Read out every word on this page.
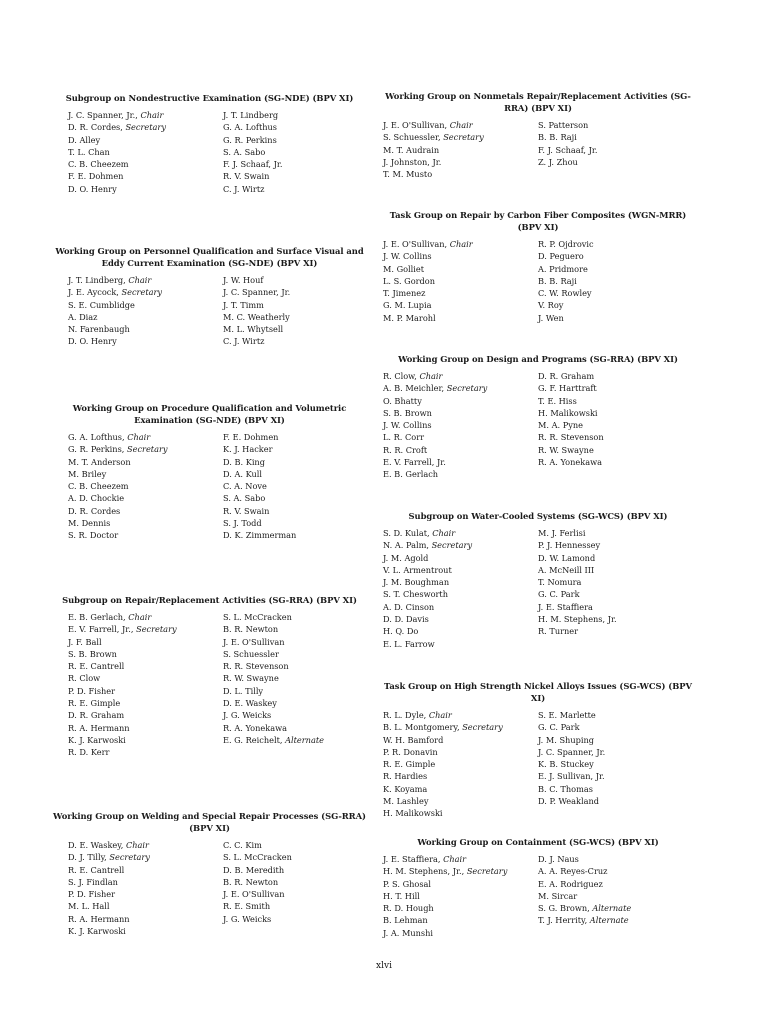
Subgroup on Nondestructive Examination (SG-NDE) (BPV XI)
J. C. Spanner, Jr., Chair
D. R. Cordes, Secretary
D. Alley
T. L. Chan
C. B. Cheezem
F. E. Dohmen
D. O. Henry
J. T. Lindberg
G. A. Lofthus
G. R. Perkins
S. A. Sabo
F. J. Schaaf, Jr.
R. V. Swain
C. J. Wirtz
Working Group on Personnel Qualification and Surface Visual and Eddy Current Examination (SG-NDE) (BPV XI)
J. T. Lindberg, Chair
J. E. Aycock, Secretary
S. E. Cumblidge
A. Diaz
N. Farenbaugh
D. O. Henry
J. W. Houf
J. C. Spanner, Jr.
J. T. Timm
M. C. Weatherly
M. L. Whytsell
C. J. Wirtz
Working Group on Procedure Qualification and Volumetric Examination (SG-NDE) (BPV XI)
G. A. Lofthus, Chair
G. R. Perkins, Secretary
M. T. Anderson
M. Briley
C. B. Cheezem
A. D. Chockie
D. R. Cordes
M. Dennis
S. R. Doctor
F. E. Dohmen
K. J. Hacker
D. B. King
D. A. Kull
C. A. Nove
S. A. Sabo
R. V. Swain
S. J. Todd
D. K. Zimmerman
Subgroup on Repair/Replacement Activities (SG-RRA) (BPV XI)
E. B. Gerlach, Chair
E. V. Farrell, Jr., Secretary
J. F. Ball
S. B. Brown
R. E. Cantrell
R. Clow
P. D. Fisher
R. E. Gimple
D. R. Graham
R. A. Hermann
K. J. Karwoski
R. D. Kerr
S. L. McCracken
B. R. Newton
J. E. O'Sullivan
S. Schuessler
R. R. Stevenson
R. W. Swayne
D. L. Tilly
D. E. Waskey
J. G. Weicks
R. A. Yonekawa
E. G. Reichelt, Alternate
Working Group on Welding and Special Repair Processes (SG-RRA) (BPV XI)
D. E. Waskey, Chair
D. J. Tilly, Secretary
R. E. Cantrell
S. J. Findlan
P. D. Fisher
M. L. Hall
R. A. Hermann
K. J. Karwoski
C. C. Kim
S. L. McCracken
D. B. Meredith
B. R. Newton
J. E. O'Sullivan
R. E. Smith
J. G. Weicks
Working Group on Nonmetals Repair/Replacement Activities (SG-RRA) (BPV XI)
J. E. O'Sullivan, Chair
S. Schuessler, Secretary
M. T. Audrain
J. Johnston, Jr.
T. M. Musto
S. Patterson
B. B. Raji
F. J. Schaaf, Jr.
Z. J. Zhou
Task Group on Repair by Carbon Fiber Composites (WGN-MRR) (BPV XI)
J. E. O'Sullivan, Chair
J. W. Collins
M. Golliet
L. S. Gordon
T. Jimenez
G. M. Lupia
M. P. Marohl
R. P. Ojdrovic
D. Peguero
A. Pridmore
B. B. Raji
C. W. Rowley
V. Roy
J. Wen
Working Group on Design and Programs (SG-RRA) (BPV XI)
R. Clow, Chair
A. B. Meichler, Secretary
O. Bhatty
S. B. Brown
J. W. Collins
L. R. Corr
R. R. Croft
E. V. Farrell, Jr.
E. B. Gerlach
D. R. Graham
G. F. Harttraft
T. E. Hiss
H. Malikowski
M. A. Pyne
R. R. Stevenson
R. W. Swayne
R. A. Yonekawa
Subgroup on Water-Cooled Systems (SG-WCS) (BPV XI)
S. D. Kulat, Chair
N. A. Palm, Secretary
J. M. Agold
V. L. Armentrout
J. M. Boughman
S. T. Chesworth
A. D. Cinson
D. D. Davis
H. Q. Do
E. L. Farrow
M. J. Ferlisi
P. J. Hennessey
D. W. Lamond
A. McNeill III
T. Nomura
G. C. Park
J. E. Staffiera
H. M. Stephens, Jr.
R. Turner
Task Group on High Strength Nickel Alloys Issues (SG-WCS) (BPV XI)
R. L. Dyle, Chair
B. L. Montgomery, Secretary
W. H. Bamford
P. R. Donavin
R. E. Gimple
R. Hardies
K. Koyama
M. Lashley
H. Malikowski
S. E. Marlette
G. C. Park
J. M. Shuping
J. C. Spanner, Jr.
K. B. Stuckey
E. J. Sullivan, Jr.
B. C. Thomas
D. P. Weakland
Working Group on Containment (SG-WCS) (BPV XI)
J. E. Staffiera, Chair
H. M. Stephens, Jr., Secretary
P. S. Ghosal
H. T. Hill
R. D. Hough
B. Lehman
J. A. Munshi
D. J. Naus
A. A. Reyes-Cruz
E. A. Rodriguez
M. Sircar
S. G. Brown, Alternate
T. J. Herrity, Alternate
xlvi
